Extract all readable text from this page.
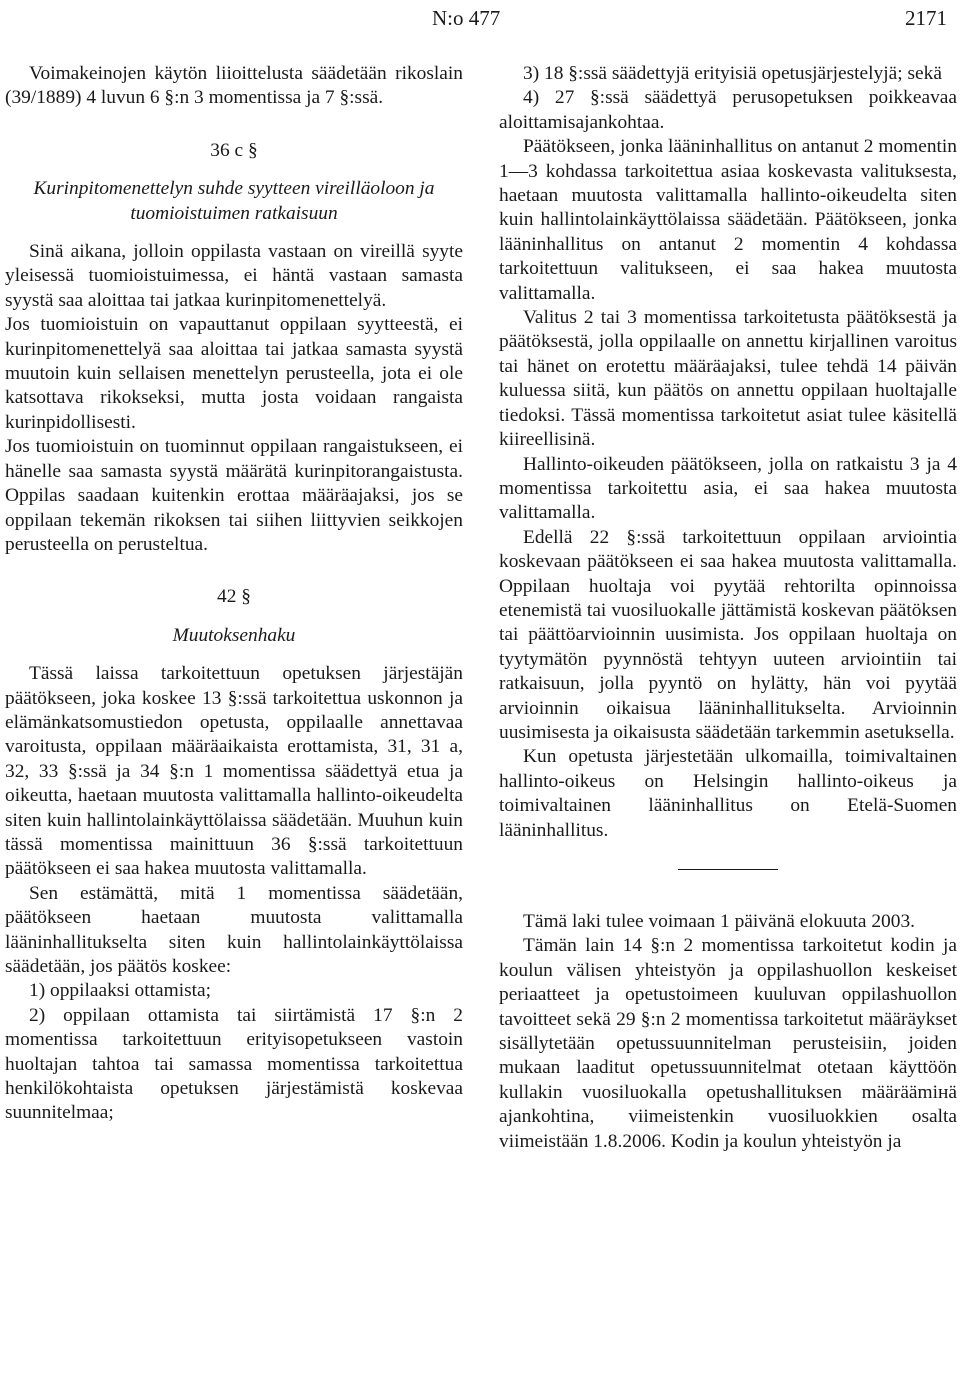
N:o 477	2171

Voimakeinojen käytön liioittelusta säädetään rikoslain (39/1889) 4 luvun 6 §:n 3 momentissa ja 7 §:ssä.

36 c §
Kurinpitomenettelyn suhde syytteen vireilläoloon ja tuomioistuimen ratkaisuun

Sinä aikana, jolloin oppilasta vastaan on vireillä syyte yleisessä tuomioistuimessa, ei häntä vastaan samasta syystä saa aloittaa tai jatkaa kurinpitomenettelyä.

Jos tuomioistuin on vapauttanut oppilaan syytteestä, ei kurinpitomenettelyä saa aloittaa tai jatkaa samasta syystä muutoin kuin sellaisen menettelyn perusteella, jota ei ole katsottava rikokseksi, mutta josta voidaan rangaista kurinpidollisesti.

Jos tuomioistuin on tuominnut oppilaan rangaistukseen, ei hänelle saa samasta syystä määrätä kurinpitorangaistusta. Oppilas saadaan kuitenkin erottaa määräajaksi, jos se oppilaan tekemän rikoksen tai siihen liittyvien seikkojen perusteella on perusteltua.

42 §
Muutoksenhaku

Tässä laissa tarkoitettuun opetuksen järjestäjän päätökseen, joka koskee 13 §:ssä tarkoitettua uskonnon ja elämänkatsomustiedon opetusta, oppilaalle annettavaa varoitusta, oppilaan määräaikaista erottamista, 31, 31 a, 32, 33 §:ssä ja 34 §:n 1 momentissa säädettyä etua ja oikeutta, haetaan muutosta valittamalla hallinto-oikeudelta siten kuin hallintolainkäyttölaissa säädetään. Muuhun kuin tässä momentissa mainittuun 36 §:ssä tarkoitettuun päätökseen ei saa hakea muutosta valittamalla.

Sen estämättä, mitä 1 momentissa säädetään, päätökseen haetaan muutosta valittamalla lääninhallitukselta siten kuin hallintolainkäyttölaissa säädetään, jos päätös koskee:

1) oppilaaksi ottamista;

2) oppilaan ottamista tai siirtämistä 17 §:n 2 momentissa tarkoitettuun erityisopetukseen vastoin huoltajan tahtoa tai samassa momentissa tarkoitettua henkilökohtaista opetuksen järjestämistä koskevaa suunnitelmaa;

3) 18 §:ssä säädettyjä erityisiä opetusjärjestelyjä; sekä

4) 27 §:ssä säädettyä perusopetuksen poikkeavaa aloittamisajankohtaa.

Päätökseen, jonka lääninhallitus on antanut 2 momentin 1—3 kohdassa tarkoitettua asiaa koskevasta valituksesta, haetaan muutosta valittamalla hallinto-oikeudelta siten kuin hallintolainkäyttölaissa säädetään. Päätökseen, jonka lääninhallitus on antanut 2 momentin 4 kohdassa tarkoitettuun valitukseen, ei saa hakea muutosta valittamalla.

Valitus 2 tai 3 momentissa tarkoitetusta päätöksestä ja päätöksestä, jolla oppilaalle on annettu kirjallinen varoitus tai hänet on erotettu määräajaksi, tulee tehdä 14 päivän kuluessa siitä, kun päätös on annettu oppilaan huoltajalle tiedoksi. Tässä momentissa tarkoitetut asiat tulee käsitellä kiireellisinä.

Hallinto-oikeuden päätökseen, jolla on ratkaistu 3 ja 4 momentissa tarkoitettu asia, ei saa hakea muutosta valittamalla.

Edellä 22 §:ssä tarkoitettuun oppilaan arviointia koskevaan päätökseen ei saa hakea muutosta valittamalla. Oppilaan huoltaja voi pyytää rehtorilta opinnoissa etenemistä tai vuosiluokalle jättämistä koskevan päätöksen tai päättöarvioinnin uusimista. Jos oppilaan huoltaja on tyytymätön pyynnöstä tehtyyn uuteen arviointiin tai ratkaisuun, jolla pyyntö on hylätty, hän voi pyytää arvioinnin oikaisua lääninhallitukselta. Arvioinnin uusimisesta ja oikaisusta säädetään tarkemmin asetuksella.

Kun opetusta järjestetään ulkomailla, toimivaltainen hallinto-oikeus on Helsingin hallinto-oikeus ja toimivaltainen lääninhallitus on Etelä-Suomen lääninhallitus.

Tämä laki tulee voimaan 1 päivänä elokuuta 2003.

Tämän lain 14 §:n 2 momentissa tarkoitetut kodin ja koulun välisen yhteistyön ja oppilashuollon keskeiset periaatteet ja opetustoimeen kuuluvan oppilashuollon tavoitteet sekä 29 §:n 2 momentissa tarkoitetut määräykset sisällytetään opetussuunnitelman perusteisiin, joiden mukaan laaditut opetussuunnitelmat otetaan käyttöön kullakin vuosiluokalla opetushallituksen määräämінä ajankohtina, viimeistenkin vuosiluokkien osalta viimeistään 1.8.2006. Kodin ja koulun yhteistyön ja
